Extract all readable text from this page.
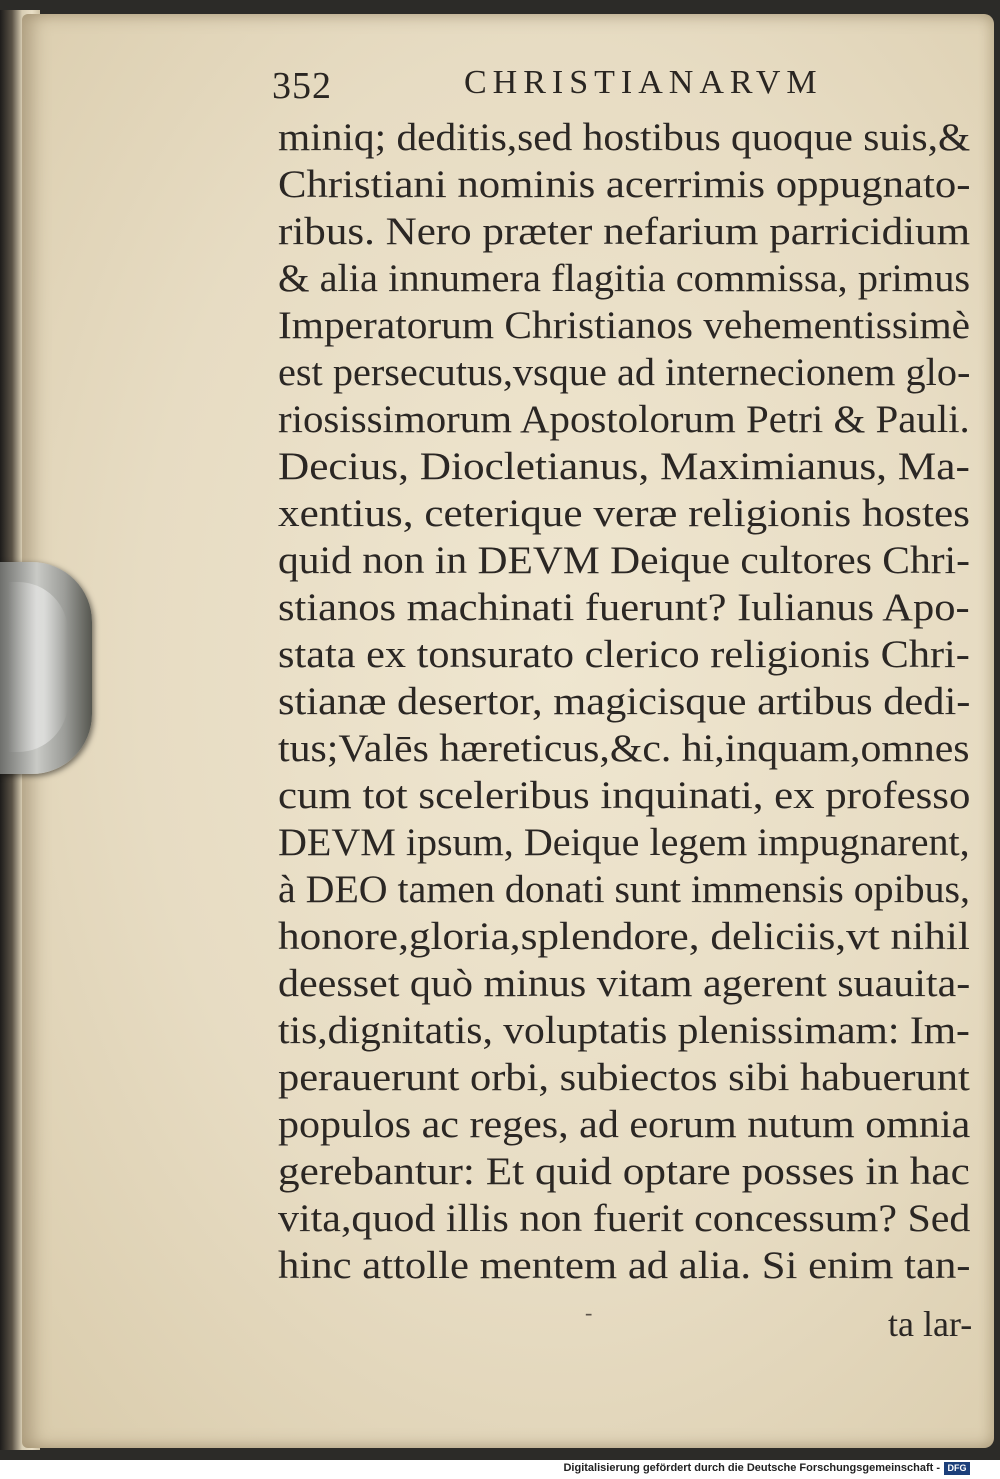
352	CHRISTIANARVM
miniq; deditis,sed hostibus quoque suis,&
Christiani nominis acerrimis oppugnato-
ribus. Nero præter nefarium parricidium
& alia innumera flagitia commissa, primus
Imperatorum Christianos vehementissimè
est persecutus,vsque ad internecionem glo-
riosissimorum Apostolorum Petri & Pauli.
Decius, Diocletianus, Maximianus, Ma-
xentius, ceterique veræ religionis hostes
quid non in DEVM Deique cultores Chri-
stianos machinati fuerunt? Iulianus Apo-
stata ex tonsurato clerico religionis Chri-
stianæ desertor, magicisque artibus dedi-
tus;Valēs hæreticus,&c. hi,inquam,omnes
cum tot sceleribus inquinati, ex professo
DEVM ipsum, Deique legem impugnarent,
à DEO tamen donati sunt immensis opibus,
honore,gloria,splendore, deliciis,vt nihil
deesset quò minus vitam agerent suauita-
tis,dignitatis, voluptatis plenissimam: Im-
perauerunt orbi, subiectos sibi habuerunt
populos ac reges, ad eorum nutum omnia
gerebantur: Et quid optare posses in hac
vita,quod illis non fuerit concessum? Sed
hinc attolle mentem ad alia. Si enim tan-
-	ta lar-
Digitalisierung gefördert durch die Deutsche Forschungsgemeinschaft - DFG
